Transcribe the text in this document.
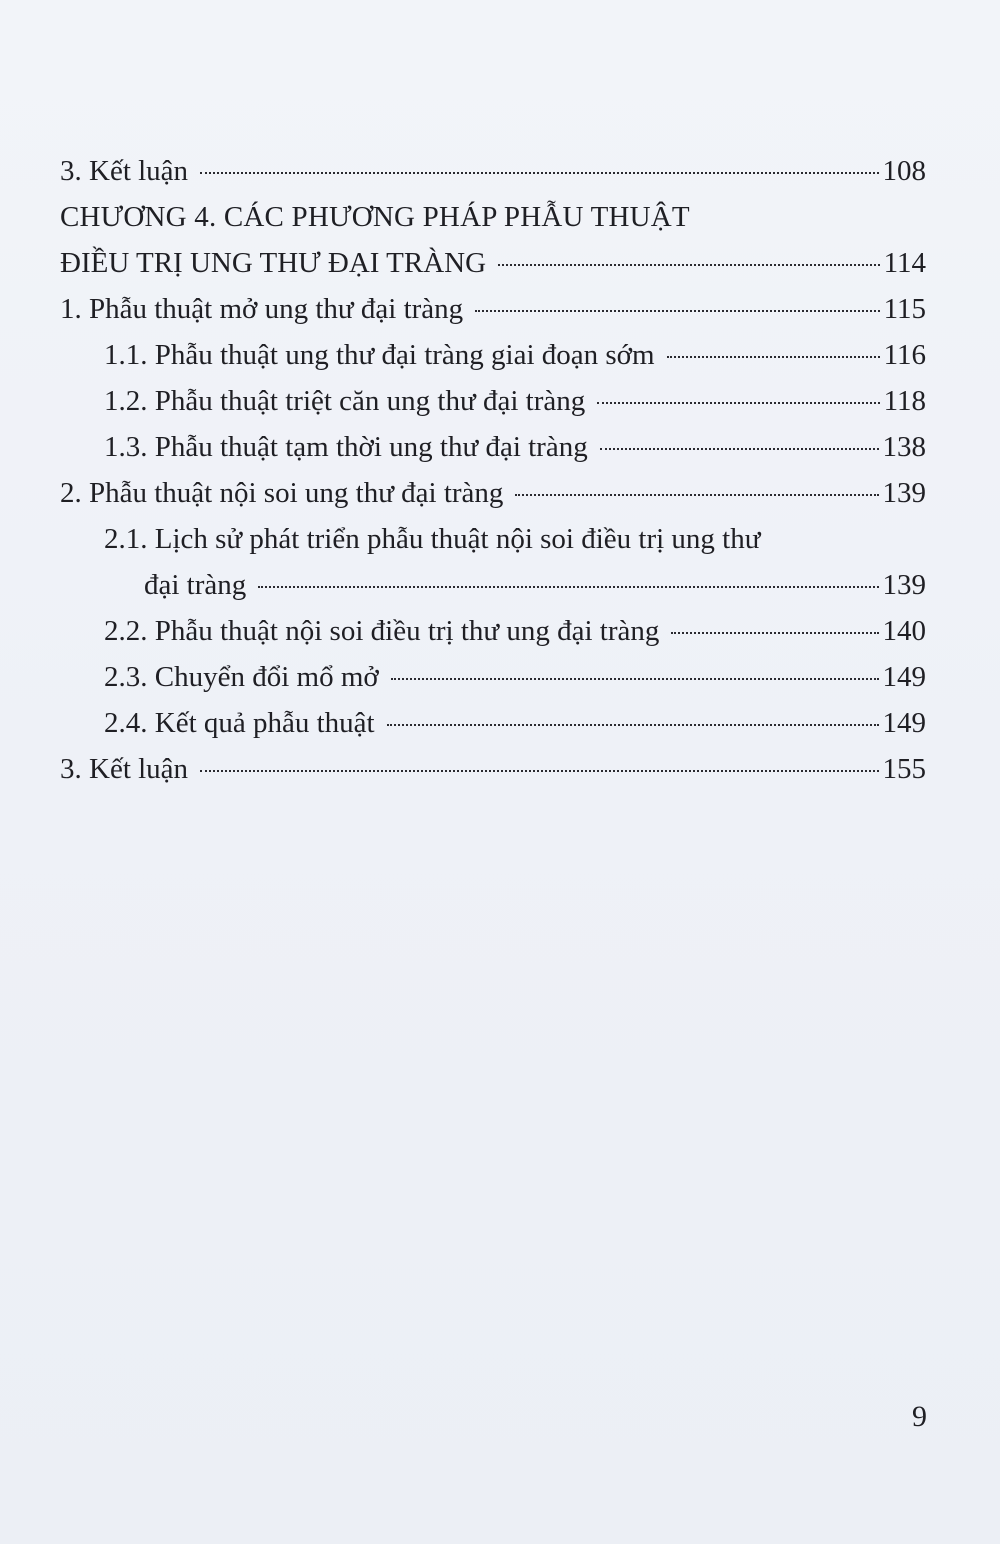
3. Kết luận	108
CHƯƠNG 4. CÁC PHƯƠNG PHÁP PHẪU THUẬT
ĐIỀU TRỊ UNG THƯ ĐẠI TRÀNG	114
1. Phẫu thuật mở ung thư đại tràng	115
1.1. Phẫu thuật ung thư đại tràng giai đoạn sớm	116
1.2. Phẫu thuật triệt căn ung thư đại tràng	118
1.3. Phẫu thuật tạm thời ung thư đại tràng	138
2. Phẫu thuật nội soi ung thư đại tràng	139
2.1. Lịch sử phát triển phẫu thuật nội soi điều trị ung thư
đại tràng	139
2.2. Phẫu thuật nội soi điều trị thư ung đại tràng	140
2.3. Chuyển đổi mổ mở	149
2.4. Kết quả phẫu thuật	149
3. Kết luận	155
9
